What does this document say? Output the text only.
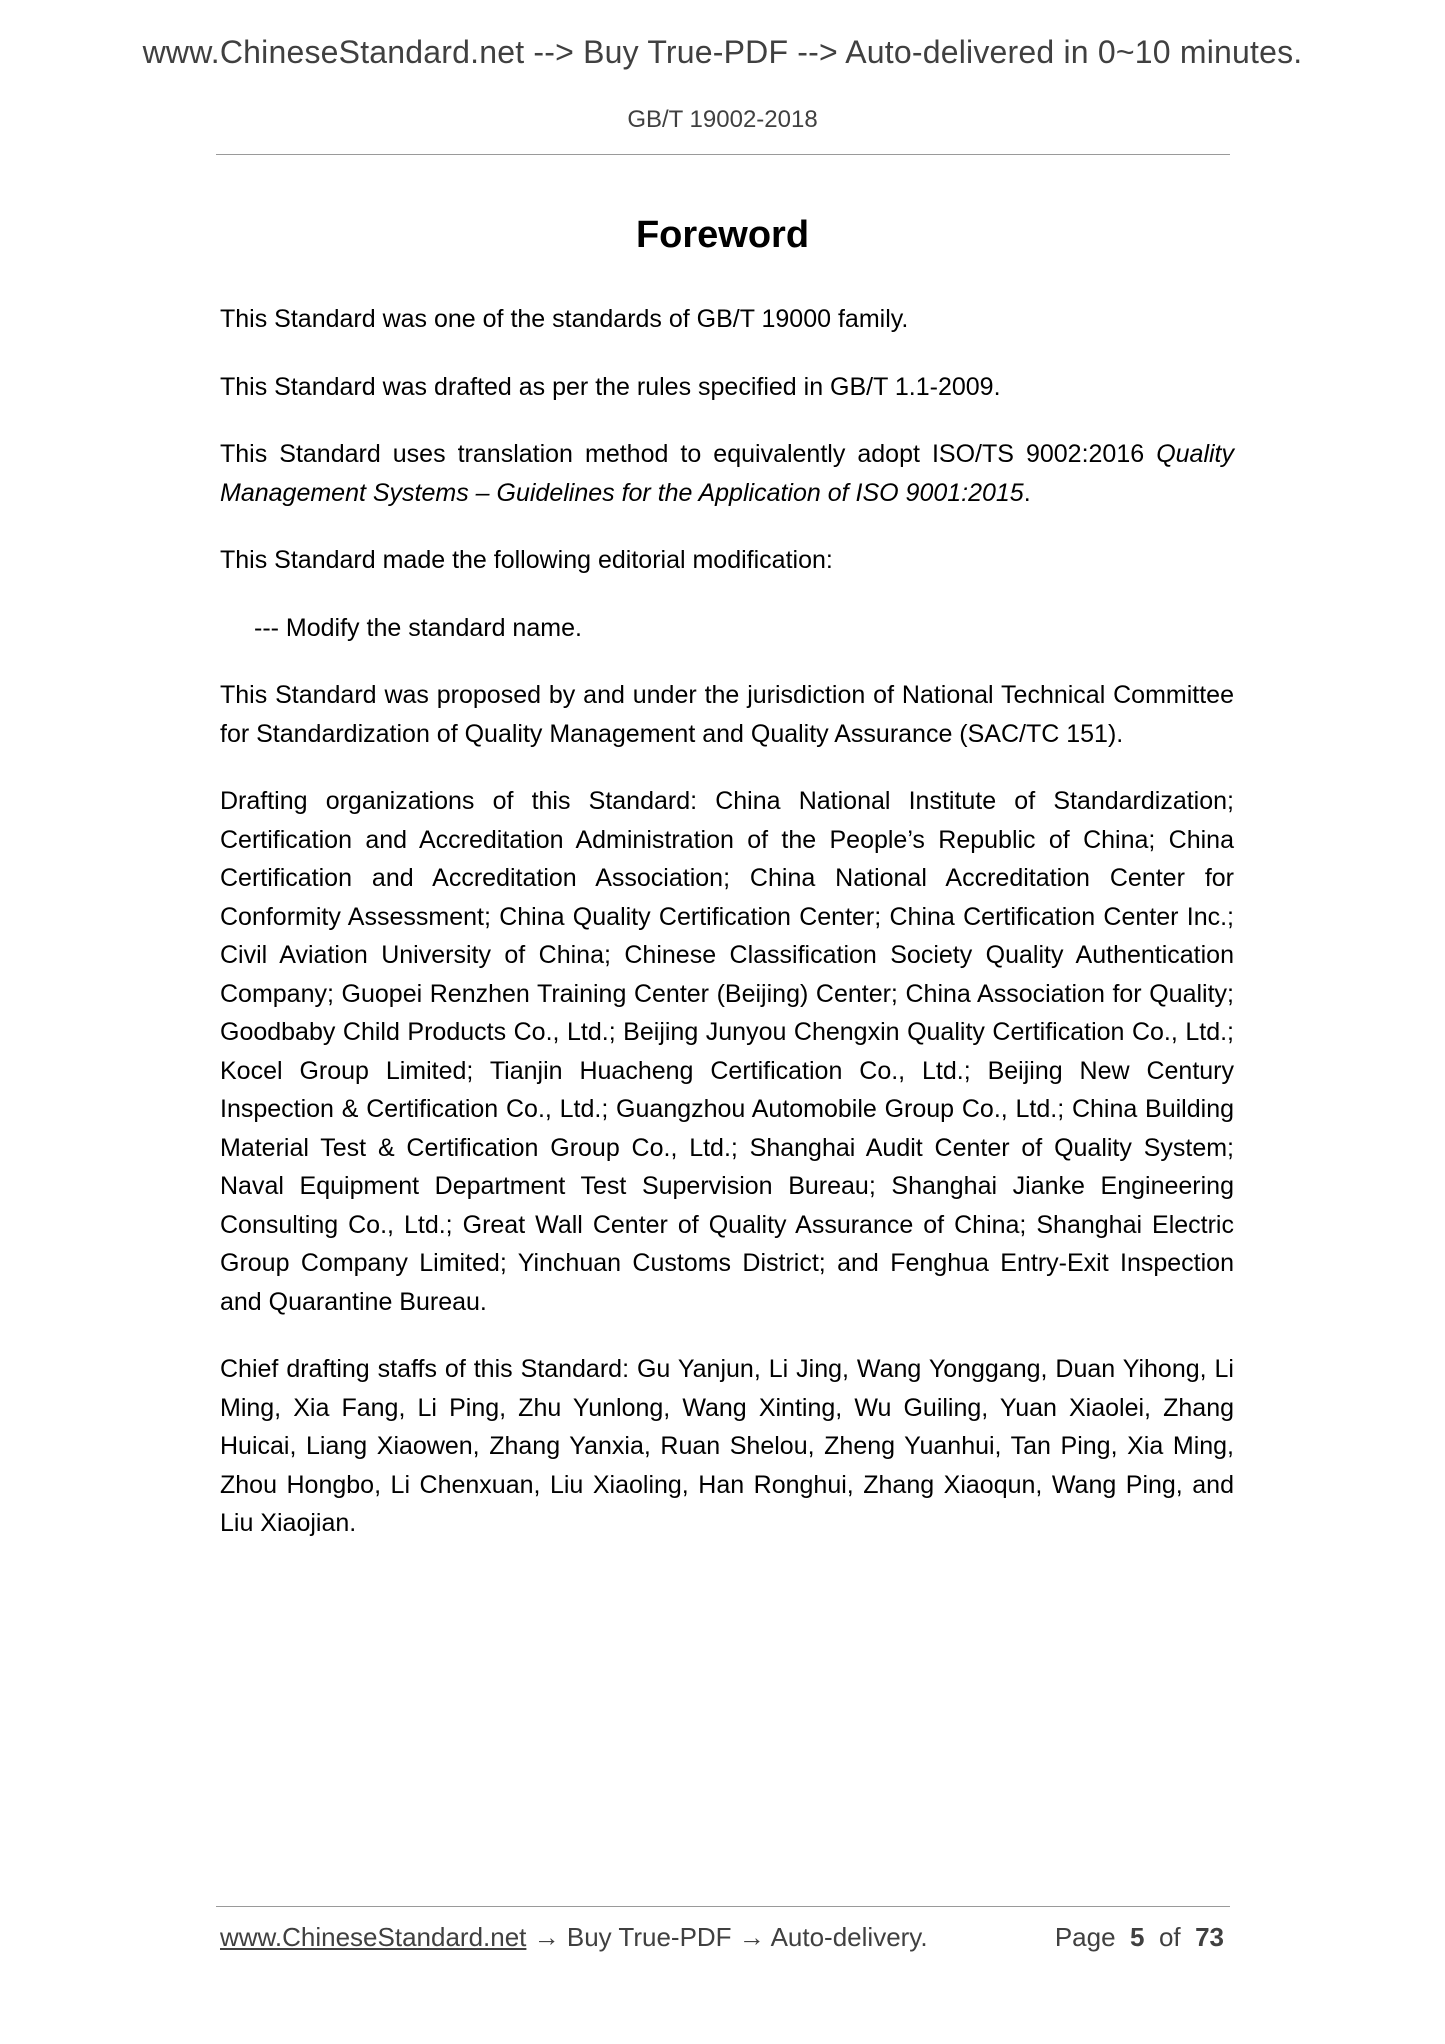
www.ChineseStandard.net --> Buy True-PDF --> Auto-delivered in 0~10 minutes.
GB/T 19002-2018
Foreword

This Standard was one of the standards of GB/T 19000 family.

This Standard was drafted as per the rules specified in GB/T 1.1-2009.

This Standard uses translation method to equivalently adopt ISO/TS 9002:2016 Quality Management Systems – Guidelines for the Application of ISO 9001:2015.

This Standard made the following editorial modification:

--- Modify the standard name.

This Standard was proposed by and under the jurisdiction of National Technical Committee for Standardization of Quality Management and Quality Assurance (SAC/TC 151).

Drafting organizations of this Standard: China National Institute of Standardization; Certification and Accreditation Administration of the People’s Republic of China; China Certification and Accreditation Association; China National Accreditation Center for Conformity Assessment; China Quality Certification Center; China Certification Center Inc.; Civil Aviation University of China; Chinese Classification Society Quality Authentication Company; Guopei Renzhen Training Center (Beijing) Center; China Association for Quality; Goodbaby Child Products Co., Ltd.; Beijing Junyou Chengxin Quality Certification Co., Ltd.; Kocel Group Limited; Tianjin Huacheng Certification Co., Ltd.; Beijing New Century Inspection & Certification Co., Ltd.; Guangzhou Automobile Group Co., Ltd.; China Building Material Test & Certification Group Co., Ltd.; Shanghai Audit Center of Quality System; Naval Equipment Department Test Supervision Bureau; Shanghai Jianke Engineering Consulting Co., Ltd.; Great Wall Center of Quality Assurance of China; Shanghai Electric Group Company Limited; Yinchuan Customs District; and Fenghua Entry-Exit Inspection and Quarantine Bureau.

Chief drafting staffs of this Standard: Gu Yanjun, Li Jing, Wang Yonggang, Duan Yihong, Li Ming, Xia Fang, Li Ping, Zhu Yunlong, Wang Xinting, Wu Guiling, Yuan Xiaolei, Zhang Huicai, Liang Xiaowen, Zhang Yanxia, Ruan Shelou, Zheng Yuanhui, Tan Ping, Xia Ming, Zhou Hongbo, Li Chenxuan, Liu Xiaoling, Han Ronghui, Zhang Xiaoqun, Wang Ping, and Liu Xiaojian.

www.ChineseStandard.net → Buy True-PDF → Auto-delivery.	Page 5 of 73
